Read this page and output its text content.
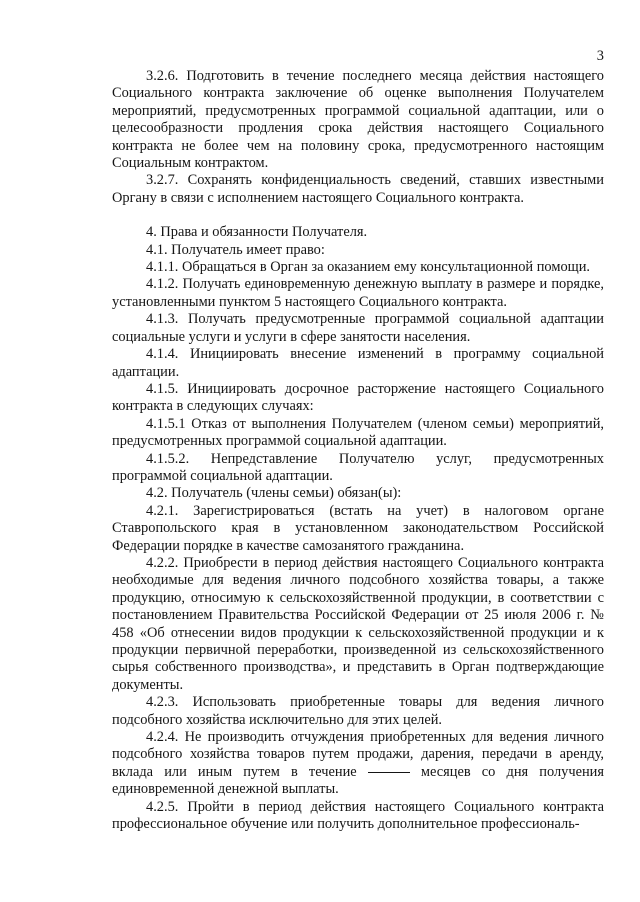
3

3.2.6. Подготовить в течение последнего месяца действия настоящего Социального контракта заключение об оценке выполнения Получателем мероприятий, предусмотренных программой социальной адаптации, или о целесообразности продления срока действия настоящего Социального контракта не более чем на половину срока, предусмотренного настоящим Социальным контрактом.

3.2.7. Сохранять конфиденциальность сведений, ставших известными Органу в связи с исполнением настоящего Социального контракта.

4. Права и обязанности Получателя.

4.1. Получатель имеет право:

4.1.1. Обращаться в Орган за оказанием ему консультационной помощи.

4.1.2. Получать единовременную денежную выплату в размере и порядке, установленными пунктом 5 настоящего Социального контракта.

4.1.3. Получать предусмотренные программой социальной адаптации социальные услуги и услуги в сфере занятости населения.

4.1.4. Инициировать внесение изменений в программу социальной адаптации.

4.1.5. Инициировать досрочное расторжение настоящего Социального контракта в следующих случаях:

4.1.5.1 Отказ от выполнения Получателем (членом семьи) мероприятий, предусмотренных программой социальной адаптации.

4.1.5.2. Непредставление Получателю услуг, предусмотренных программой социальной адаптации.

4.2. Получатель (члены семьи) обязан(ы):

4.2.1. Зарегистрироваться (встать на учет) в налоговом органе Ставропольского края в установленном законодательством Российской Федерации порядке в качестве самозанятого гражданина.

4.2.2. Приобрести в период действия настоящего Социального контракта необходимые для ведения личного подсобного хозяйства товары, а также продукцию, относимую к сельскохозяйственной продукции, в соответствии с постановлением Правительства Российской Федерации от 25 июля 2006 г. № 458 «Об отнесении видов продукции к сельскохозяйственной продукции и к продукции первичной переработки, произведенной из сельскохозяйственного сырья собственного производства», и представить в Орган подтверждающие документы.

4.2.3. Использовать приобретенные товары для ведения личного подсобного хозяйства исключительно для этих целей.

4.2.4. Не производить отчуждения приобретенных для ведения личного подсобного хозяйства товаров путем продажи, дарения, передачи в аренду, вклада или иным путем в течение	месяцев со дня получения единовременной денежной выплаты.

4.2.5. Пройти в период действия настоящего Социального контракта профессиональное обучение или получить дополнительное профессиональ-
